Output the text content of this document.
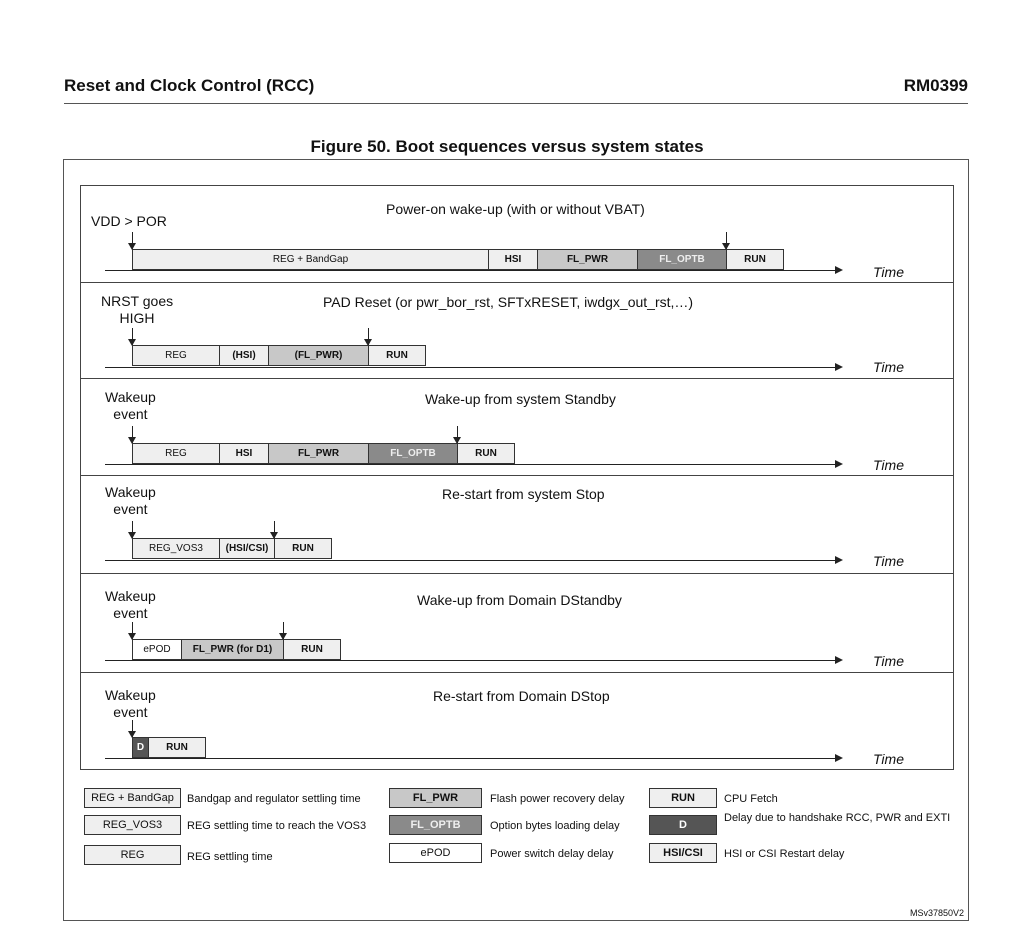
Reset and Clock Control (RCC)	RM0399
Figure 50. Boot sequences versus system states
Power-on wake-up (with or without VBAT)
VDD > POR
REG + BandGap	HSI	FL_PWR	FL_OPTB	RUN
Time
PAD Reset (or pwr_bor_rst, SFTxRESET, iwdgx_out_rst,…)
NRST goes
HIGH
REG	(HSI)	(FL_PWR)	RUN
Time
Wake-up from system Standby
Wakeup
event
REG	HSI	FL_PWR	FL_OPTB	RUN
Time
Re-start from system Stop
Wakeup
event
REG_VOS3	(HSI/CSI)	RUN
Time
Wake-up from Domain DStandby
Wakeup
event
ePOD	FL_PWR (for D1)	RUN
Time
Re-start from Domain DStop
Wakeup
event
D	RUN
Time
REG + BandGap	Bandgap and regulator settling time
REG_VOS3	REG settling time to reach the VOS3
REG	REG settling time
FL_PWR	Flash power recovery delay
FL_OPTB	Option bytes loading delay
ePOD	Power switch delay delay
RUN	CPU Fetch
D
Delay due to handshake RCC, PWR and EXTI
HSI/CSI	HSI or CSI Restart delay
MSv37850V2
